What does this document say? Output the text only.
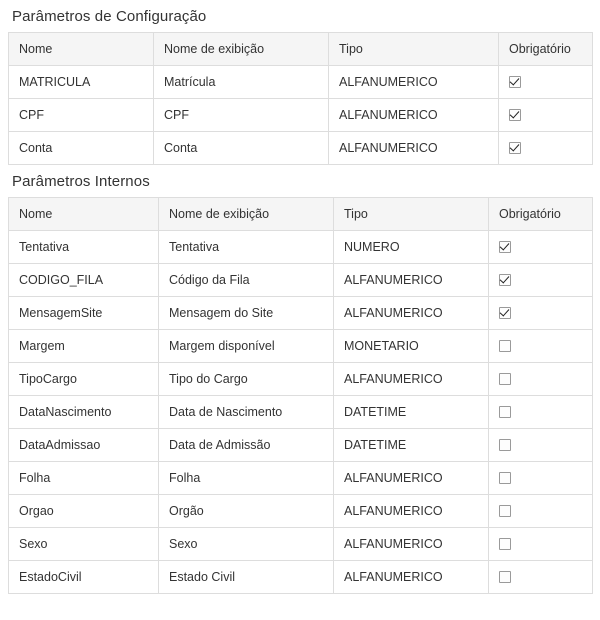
Parâmetros de Configuração
Nome	Nome de exibição	Tipo	Obrigatório
MATRICULA	Matrícula	ALFANUMERICO	
CPF	CPF	ALFANUMERICO	
Conta	Conta	ALFANUMERICO	
Parâmetros Internos
Nome	Nome de exibição	Tipo	Obrigatório
Tentativa	Tentativa	NUMERO	
CODIGO_FILA	Código da Fila	ALFANUMERICO	
MensagemSite	Mensagem do Site	ALFANUMERICO	
Margem	Margem disponível	MONETARIO	
TipoCargo	Tipo do Cargo	ALFANUMERICO	
DataNascimento	Data de Nascimento	DATETIME	
DataAdmissao	Data de Admissão	DATETIME	
Folha	Folha	ALFANUMERICO	
Orgao	Orgão	ALFANUMERICO	
Sexo	Sexo	ALFANUMERICO	
EstadoCivil	Estado Civil	ALFANUMERICO	
